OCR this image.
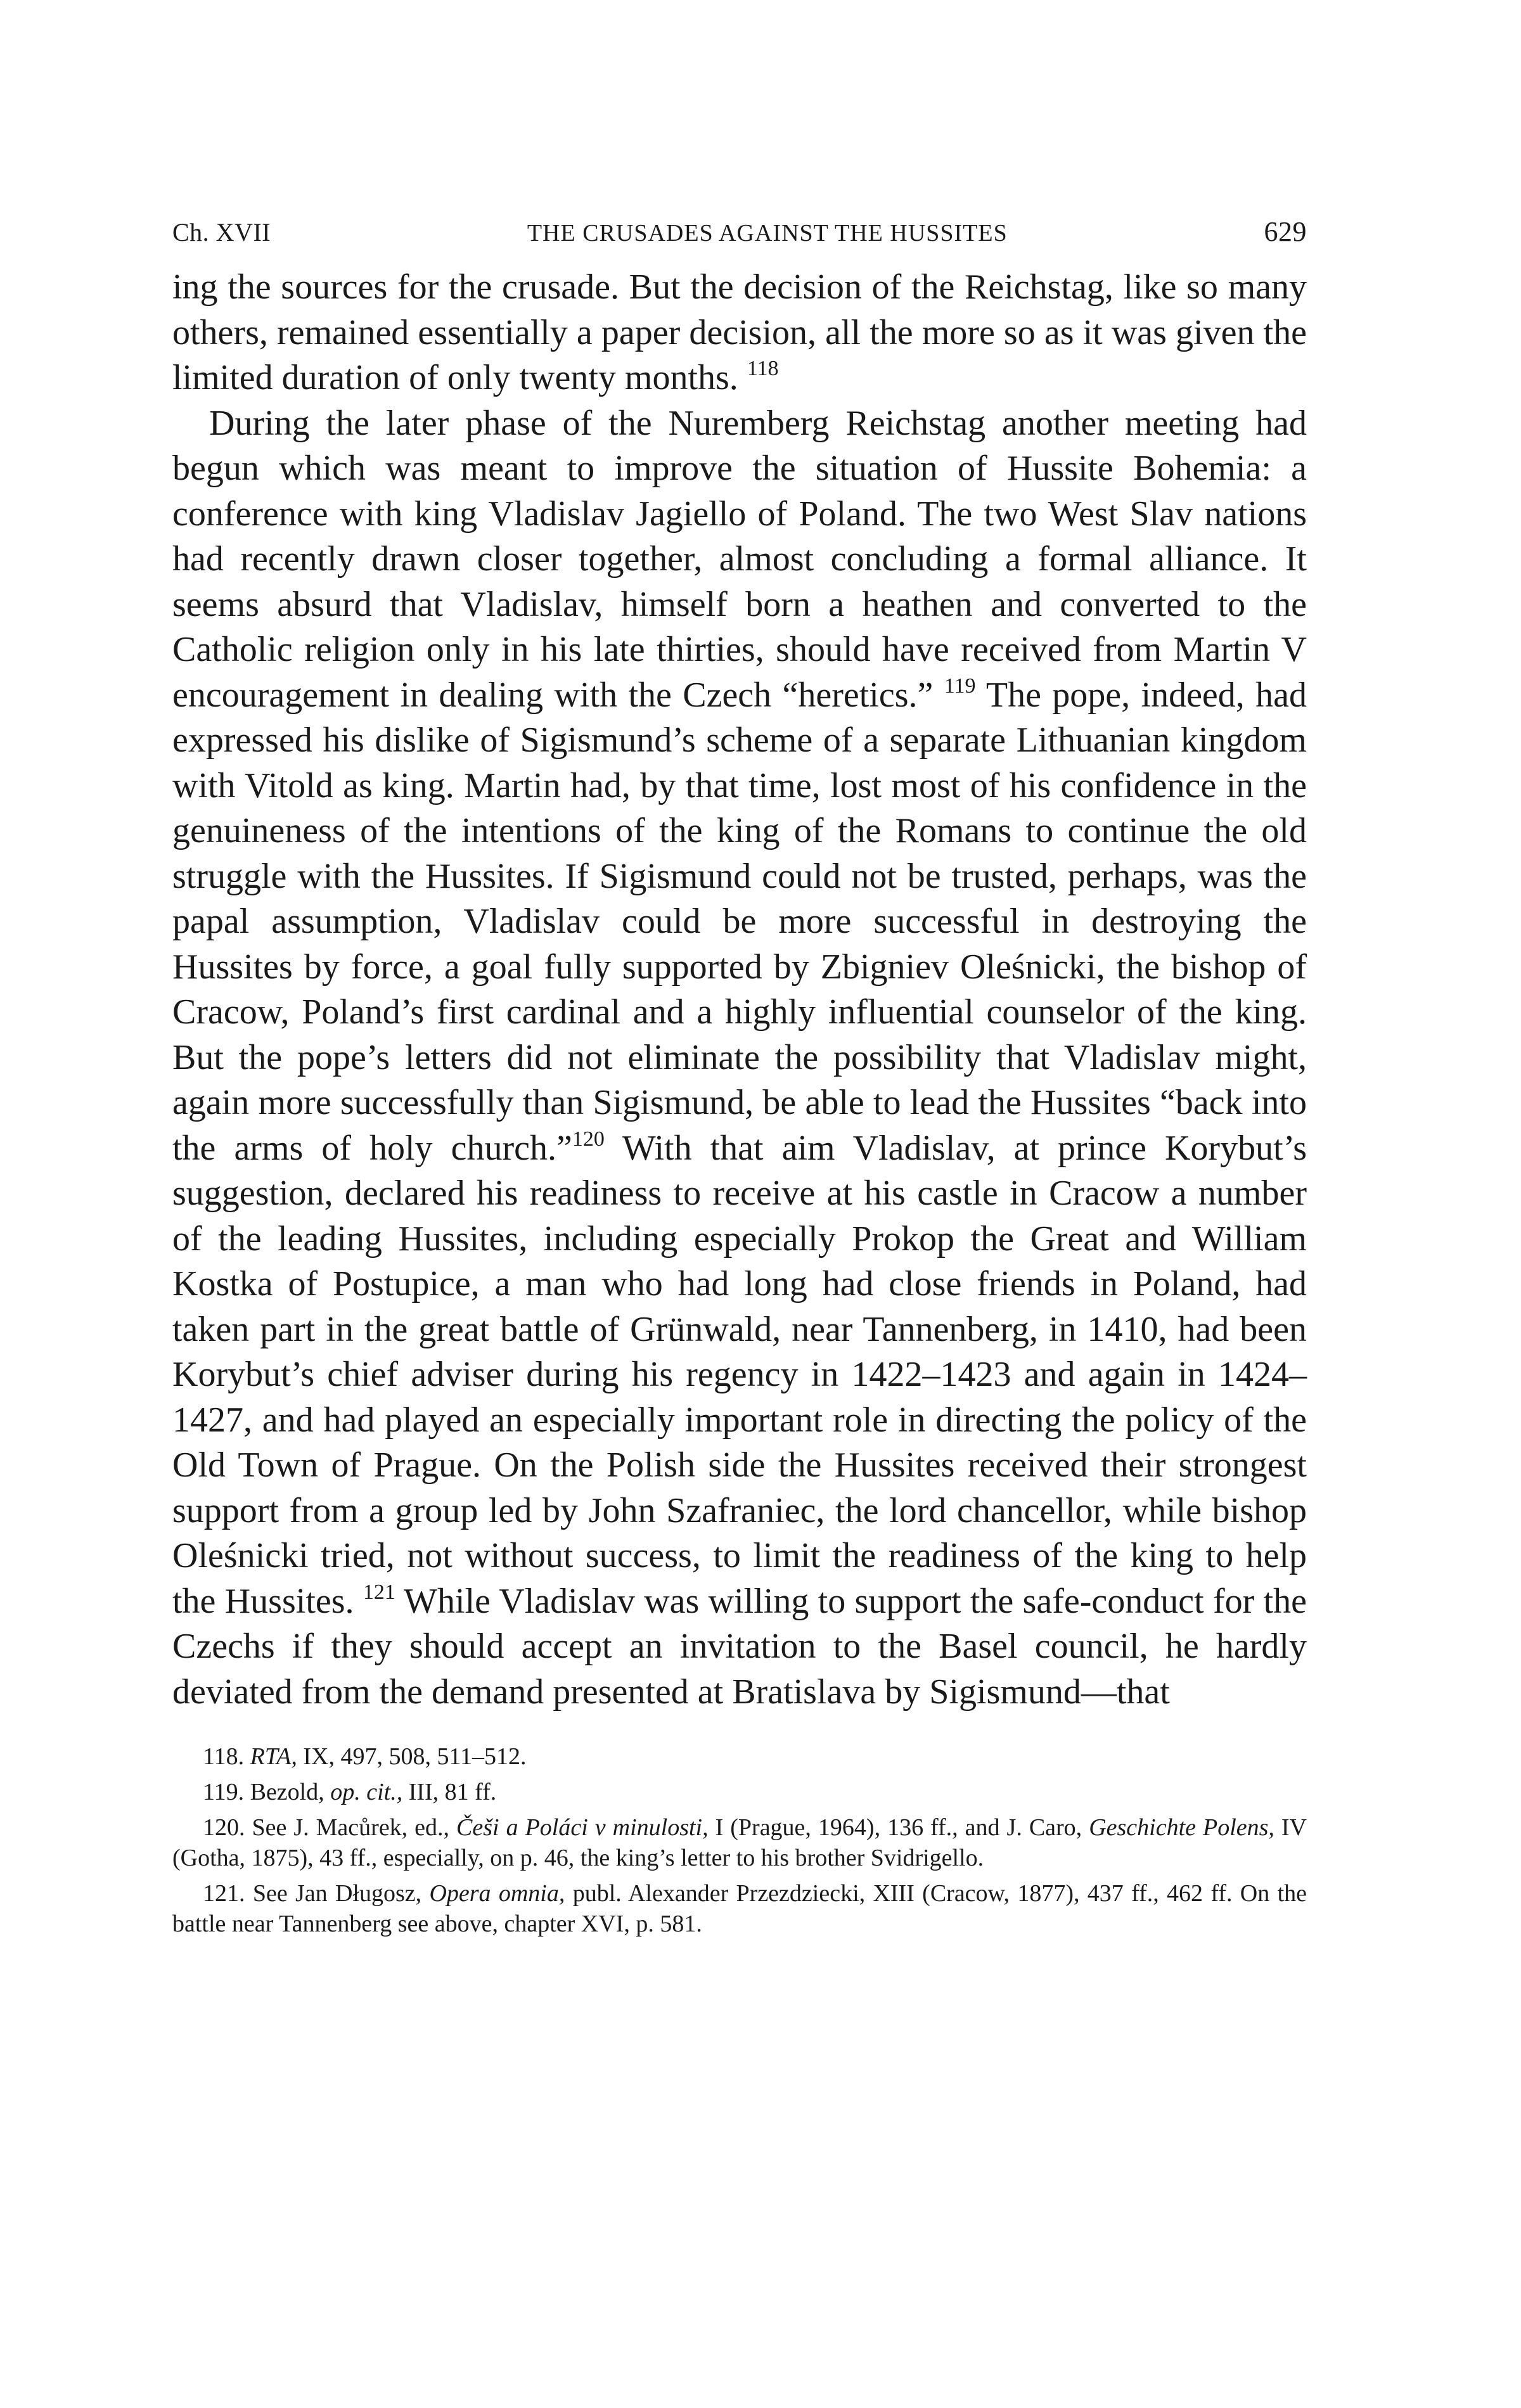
Ch. XVII	THE CRUSADES AGAINST THE HUSSITES	629

ing the sources for the crusade. But the decision of the Reichstag, like so many others, remained essentially a paper decision, all the more so as it was given the limited duration of only twenty months. $^{118}$

During the later phase of the Nuremberg Reichstag another meeting had begun which was meant to improve the situation of Hussite Bohemia: a conference with king Vladislav Jagiello of Poland. The two West Slav nations had recently drawn closer together, almost concluding a formal alliance. It seems absurd that Vladislav, himself born a heathen and converted to the Catholic religion only in his late thirties, should have received from Martin V encouragement in dealing with the Czech “heretics.” $^{119}$ The pope, indeed, had expressed his dislike of Sigismund’s scheme of a separate Lithuanian kingdom with Vitold as king. Martin had, by that time, lost most of his confidence in the genuineness of the intentions of the king of the Romans to continue the old struggle with the Hussites. If Sigismund could not be trusted, perhaps, was the papal assumption, Vladislav could be more successful in destroying the Hussites by force, a goal fully supported by Zbigniev Oleśnicki, the bishop of Cracow, Poland’s first cardinal and a highly influential counselor of the king. But the pope’s letters did not eliminate the possibility that Vladislav might, again more successfully than Sigismund, be able to lead the Hussites “back into the arms of holy church.”$^{120}$ With that aim Vladislav, at prince Korybut’s suggestion, declared his readiness to receive at his castle in Cracow a number of the leading Hussites, including especially Prokop the Great and William Kostka of Postupice, a man who had long had close friends in Poland, had taken part in the great battle of Grünwald, near Tannenberg, in 1410, had been Korybut’s chief adviser during his regency in 1422–1423 and again in 1424–1427, and had played an especially important role in directing the policy of the Old Town of Prague. On the Polish side the Hussites received their strongest support from a group led by John Szafraniec, the lord chancellor, while bishop Oleśnicki tried, not without success, to limit the readiness of the king to help the Hussites. $^{121}$ While Vladislav was willing to support the safe-conduct for the Czechs if they should accept an invitation to the Basel council, he hardly deviated from the demand presented at Bratislava by Sigismund—that

118. RTA, IX, 497, 508, 511–512.

119. Bezold, op. cit., III, 81 ff.

120. See J. Macůrek, ed., Češi a Poláci v minulosti, I (Prague, 1964), 136 ff., and J. Caro, Geschichte Polens, IV (Gotha, 1875), 43 ff., especially, on p. 46, the king’s letter to his brother Svidrigello.

121. See Jan Długosz, Opera omnia, publ. Alexander Przezdziecki, XIII (Cracow, 1877), 437 ff., 462 ff. On the battle near Tannenberg see above, chapter XVI, p. 581.
